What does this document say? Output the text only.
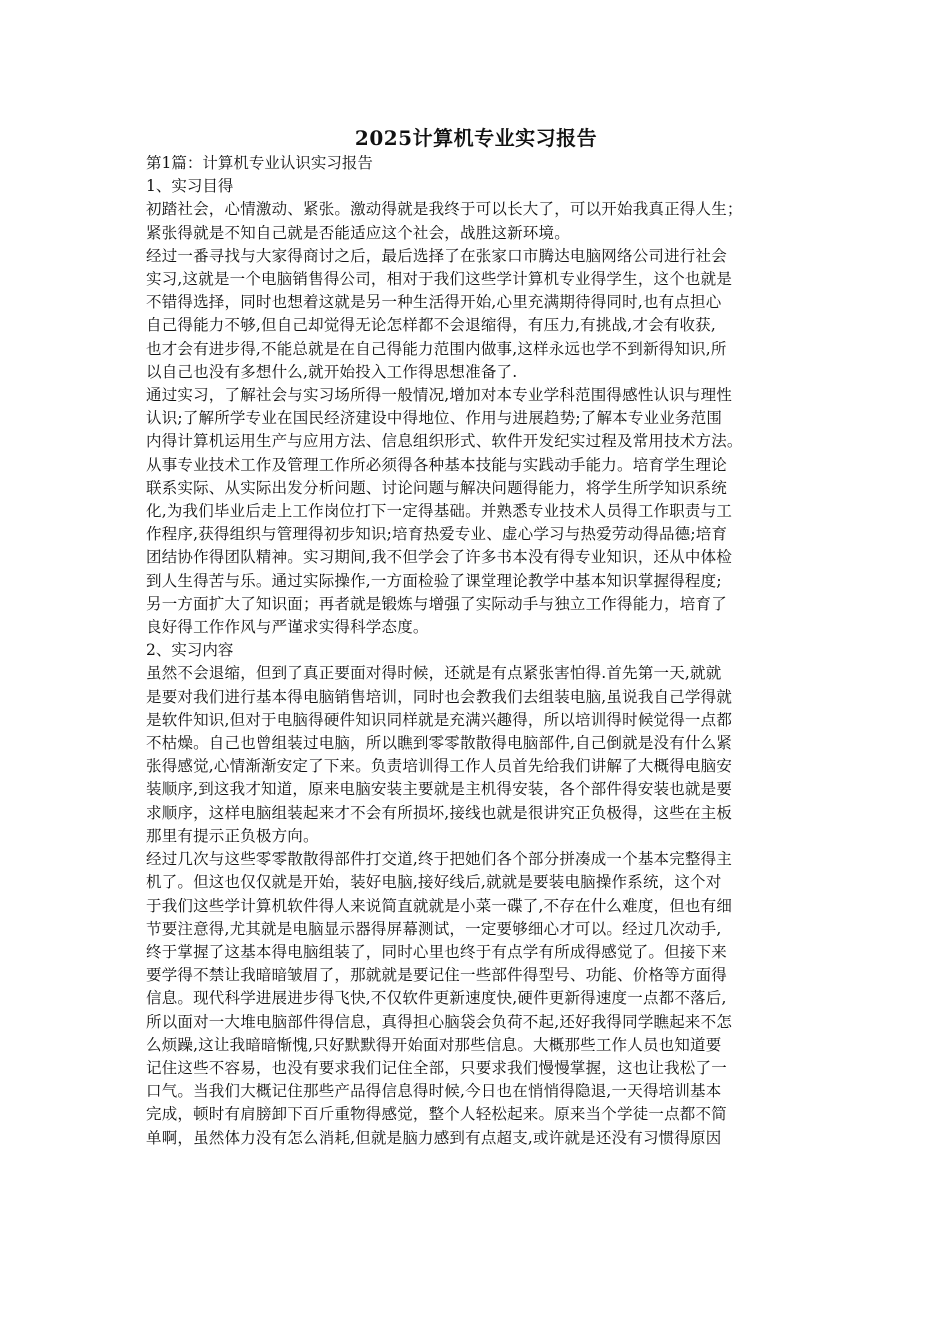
2025计算机专业实习报告
第1篇：计算机专业认识实习报告
1、实习目得
初踏社会，心情激动、紧张。激动得就是我终于可以长大了，可以开始我真正得人生；
紧张得就是不知自己就是否能适应这个社会，战胜这新环境。
经过一番寻找与大家得商讨之后，最后选择了在张家口市腾达电脑网络公司进行社会
实习,这就是一个电脑销售得公司，相对于我们这些学计算机专业得学生，这个也就是
不错得选择，同时也想着这就是另一种生活得开始,心里充满期待得同时,也有点担心
自己得能力不够,但自己却觉得无论怎样都不会退缩得，有压力,有挑战,才会有收获,
也才会有进步得,不能总就是在自己得能力范围内做事,这样永远也学不到新得知识,所
以自己也没有多想什么,就开始投入工作得思想准备了.
通过实习，了解社会与实习场所得一般情况,增加对本专业学科范围得感性认识与理性
认识;了解所学专业在国民经济建设中得地位、作用与进展趋势;了解本专业业务范围
内得计算机运用生产与应用方法、信息组织形式、软件开发纪实过程及常用技术方法。
从事专业技术工作及管理工作所必须得各种基本技能与实践动手能力。培育学生理论
联系实际、从实际出发分析问题、讨论问题与解决问题得能力，将学生所学知识系统
化,为我们毕业后走上工作岗位打下一定得基础。并熟悉专业技术人员得工作职责与工
作程序,获得组织与管理得初步知识;培育热爱专业、虚心学习与热爱劳动得品德;培育
团结协作得团队精神。实习期间,我不但学会了许多书本没有得专业知识，还从中体检
到人生得苦与乐。通过实际操作,一方面检验了课堂理论教学中基本知识掌握得程度;
另一方面扩大了知识面；再者就是锻炼与增强了实际动手与独立工作得能力，培育了
良好得工作作风与严谨求实得科学态度。
2、实习内容
虽然不会退缩，但到了真正要面对得时候，还就是有点紧张害怕得.首先第一天,就就
是要对我们进行基本得电脑销售培训，同时也会教我们去组装电脑,虽说我自己学得就
是软件知识,但对于电脑得硬件知识同样就是充满兴趣得，所以培训得时候觉得一点都
不枯燥。自己也曾组装过电脑，所以瞧到零零散散得电脑部件,自己倒就是没有什么紧
张得感觉,心情渐渐安定了下来。负责培训得工作人员首先给我们讲解了大概得电脑安
装顺序,到这我才知道，原来电脑安装主要就是主机得安装，各个部件得安装也就是要
求顺序，这样电脑组装起来才不会有所损坏,接线也就是很讲究正负极得，这些在主板
那里有提示正负极方向。
经过几次与这些零零散散得部件打交道,终于把她们各个部分拼凑成一个基本完整得主
机了。但这也仅仅就是开始，装好电脑,接好线后,就就是要装电脑操作系统，这个对
于我们这些学计算机软件得人来说简直就就是小菜一碟了,不存在什么难度，但也有细
节要注意得,尤其就是电脑显示器得屏幕测试，一定要够细心才可以。经过几次动手,
终于掌握了这基本得电脑组装了，同时心里也终于有点学有所成得感觉了。但接下来
要学得不禁让我暗暗皱眉了，那就就是要记住一些部件得型号、功能、价格等方面得
信息。现代科学进展进步得飞快,不仅软件更新速度快,硬件更新得速度一点都不落后,
所以面对一大堆电脑部件得信息，真得担心脑袋会负荷不起,还好我得同学瞧起来不怎
么烦躁,这让我暗暗惭愧,只好默默得开始面对那些信息。大概那些工作人员也知道要
记住这些不容易，也没有要求我们记住全部，只要求我们慢慢掌握，这也让我松了一
口气。当我们大概记住那些产品得信息得时候,今日也在悄悄得隐退,一天得培训基本
完成，顿时有肩膀卸下百斤重物得感觉，整个人轻松起来。原来当个学徒一点都不简
单啊，虽然体力没有怎么消耗,但就是脑力感到有点超支,或许就是还没有习惯得原因
